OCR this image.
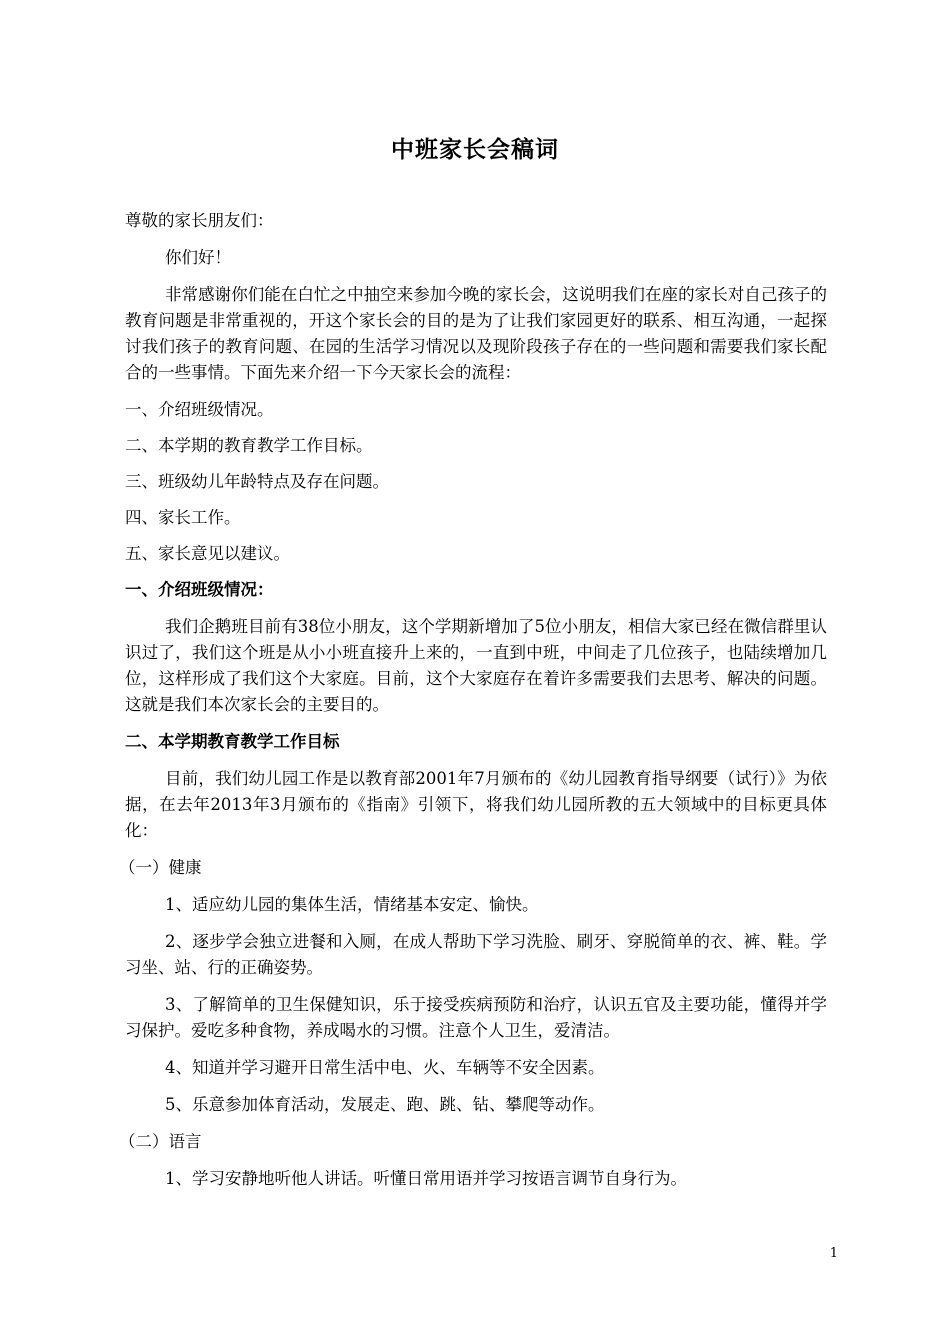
中班家长会稿词

尊敬的家长朋友们：

你们好！

非常感谢你们能在白忙之中抽空来参加今晚的家长会，这说明我们在座的家长对自己孩子的教育问题是非常重视的，开这个家长会的目的是为了让我们家园更好的联系、相互沟通，一起探讨我们孩子的教育问题、在园的生活学习情况以及现阶段孩子存在的一些问题和需要我们家长配合的一些事情。下面先来介绍一下今天家长会的流程：

一、介绍班级情况。

二、本学期的教育教学工作目标。

三、班级幼儿年龄特点及存在问题。

四、家长工作。

五、家长意见以建议。

一、介绍班级情况：

我们企鹅班目前有38位小朋友，这个学期新增加了5位小朋友，相信大家已经在微信群里认识过了，我们这个班是从小小班直接升上来的，一直到中班，中间走了几位孩子，也陆续增加几位，这样形成了我们这个大家庭。目前，这个大家庭存在着许多需要我们去思考、解决的问题。这就是我们本次家长会的主要目的。

二、本学期教育教学工作目标

目前，我们幼儿园工作是以教育部2001年7月颁布的《幼儿园教育指导纲要（试行）》为依据，在去年2013年3月颁布的《指南》引领下，将我们幼儿园所教的五大领域中的目标更具体化：

（一）健康

1、适应幼儿园的集体生活，情绪基本安定、愉快。

2、逐步学会独立进餐和入厕，在成人帮助下学习洗脸、刷牙、穿脱简单的衣、裤、鞋。学习坐、站、行的正确姿势。

3、了解简单的卫生保健知识，乐于接受疾病预防和治疗，认识五官及主要功能，懂得并学习保护。爱吃多种食物，养成喝水的习惯。注意个人卫生，爱清洁。

4、知道并学习避开日常生活中电、火、车辆等不安全因素。

5、乐意参加体育活动，发展走、跑、跳、钻、攀爬等动作。

（二）语言

1、学习安静地听他人讲话。听懂日常用语并学习按语言调节自身行为。

1
